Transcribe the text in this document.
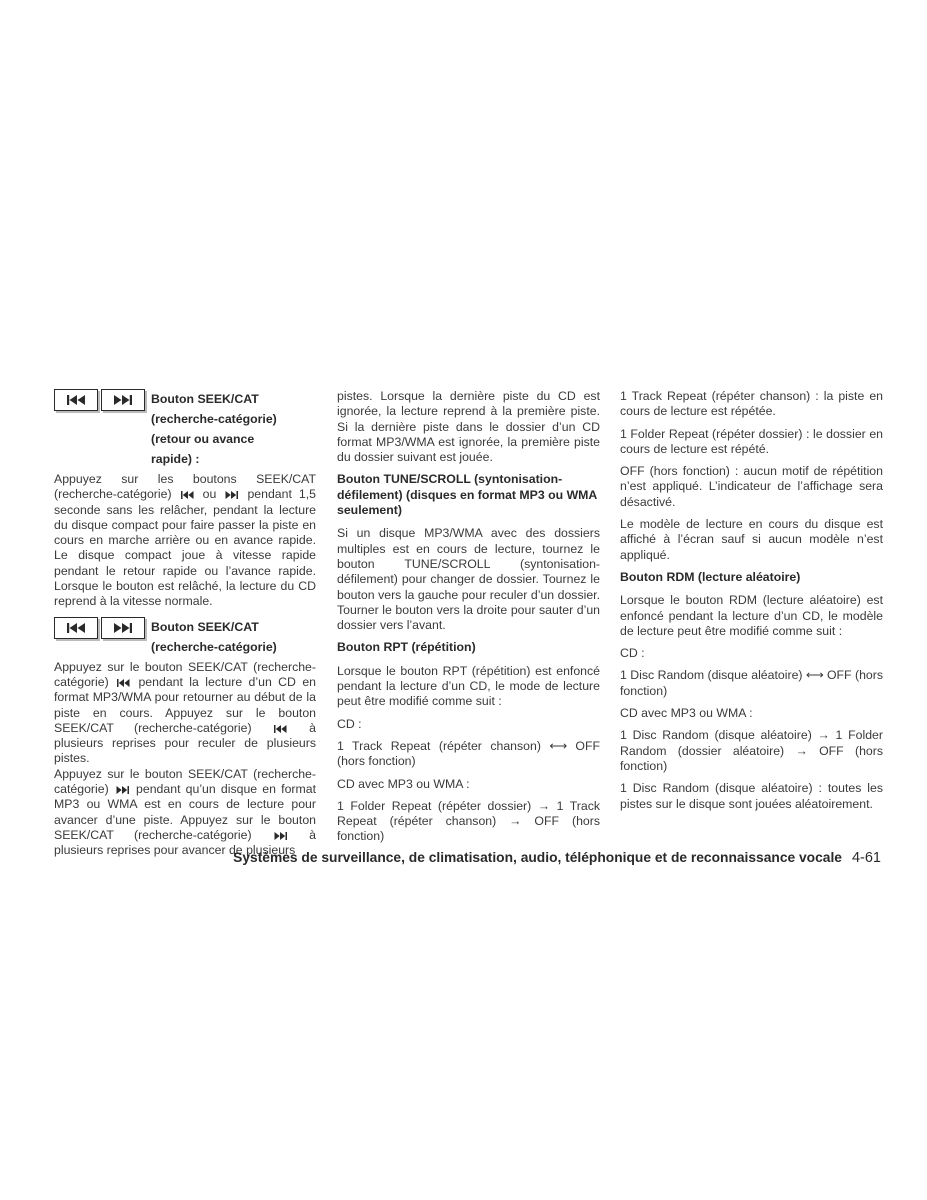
Bouton SEEK/CAT (recherche-catégorie) (retour ou avance rapide) :

Appuyez sur les boutons SEEK/CAT (recherche-catégorie)	ou	pendant 1,5 seconde sans les relâcher, pendant la lecture du disque compact pour faire passer la piste en cours en marche arrière ou en avance rapide. Le disque compact joue à vitesse rapide pendant le retour rapide ou l’avance rapide. Lorsque le bouton est relâché, la lecture du CD reprend à la vitesse normale.

Bouton SEEK/CAT (recherche-catégorie)

Appuyez sur le bouton SEEK/CAT (recherche-catégorie) pendant la lecture d’un CD en format MP3/WMA pour retourner au début de la piste en cours. Appuyez sur le bouton SEEK/CAT (recherche-catégorie)	à plusieurs reprises pour reculer de plusieurs pistes.

Appuyez sur le bouton SEEK/CAT (recherche-catégorie) pendant qu’un disque en format MP3 ou WMA est en cours de lecture pour avancer d’une piste. Appuyez sur le bouton SEEK/CAT (recherche-catégorie)	à plusieurs reprises pour avancer de plusieurs

pistes. Lorsque la dernière piste du CD est ignorée, la lecture reprend à la première piste. Si la dernière piste dans le dossier d’un CD format MP3/WMA est ignorée, la première piste du dossier suivant est jouée.

Bouton TUNE/SCROLL (syntonisation-défilement) (disques en format MP3 ou WMA seulement)

Si un disque MP3/WMA avec des dossiers multiples est en cours de lecture, tournez le bouton TUNE/SCROLL (syntonisation-défilement) pour changer de dossier. Tournez le bouton vers la gauche pour reculer d’un dossier. Tourner le bouton vers la droite pour sauter d’un dossier vers l’avant.

Bouton RPT (répétition)

Lorsque le bouton RPT (répétition) est enfoncé pendant la lecture d’un CD, le mode de lecture peut être modifié comme suit :

CD :

1 Track Repeat (répéter chanson) ⟷ OFF (hors fonction)

CD avec MP3 ou WMA :

1 Folder Repeat (répéter dossier) → 1 Track Repeat (répéter chanson) → OFF (hors fonction)

1 Track Repeat (répéter chanson) : la piste en cours de lecture est répétée.

1 Folder Repeat (répéter dossier) : le dossier en cours de lecture est répété.

OFF (hors fonction) : aucun motif de répétition n’est appliqué. L’indicateur de l’affichage sera désactivé.

Le modèle de lecture en cours du disque est affiché à l’écran sauf si aucun modèle n’est appliqué.

Bouton RDM (lecture aléatoire)

Lorsque le bouton RDM (lecture aléatoire) est enfoncé pendant la lecture d’un CD, le modèle de lecture peut être modifié comme suit :

CD :

1 Disc Random (disque aléatoire) ⟷ OFF (hors fonction)

CD avec MP3 ou WMA :

1 Disc Random (disque aléatoire) → 1 Folder Random (dossier aléatoire) → OFF (hors fonction)

1 Disc Random (disque aléatoire) : toutes les pistes sur le disque sont jouées aléatoirement.

Systèmes de surveillance, de climatisation, audio, téléphonique et de reconnaissance vocale 4-61
